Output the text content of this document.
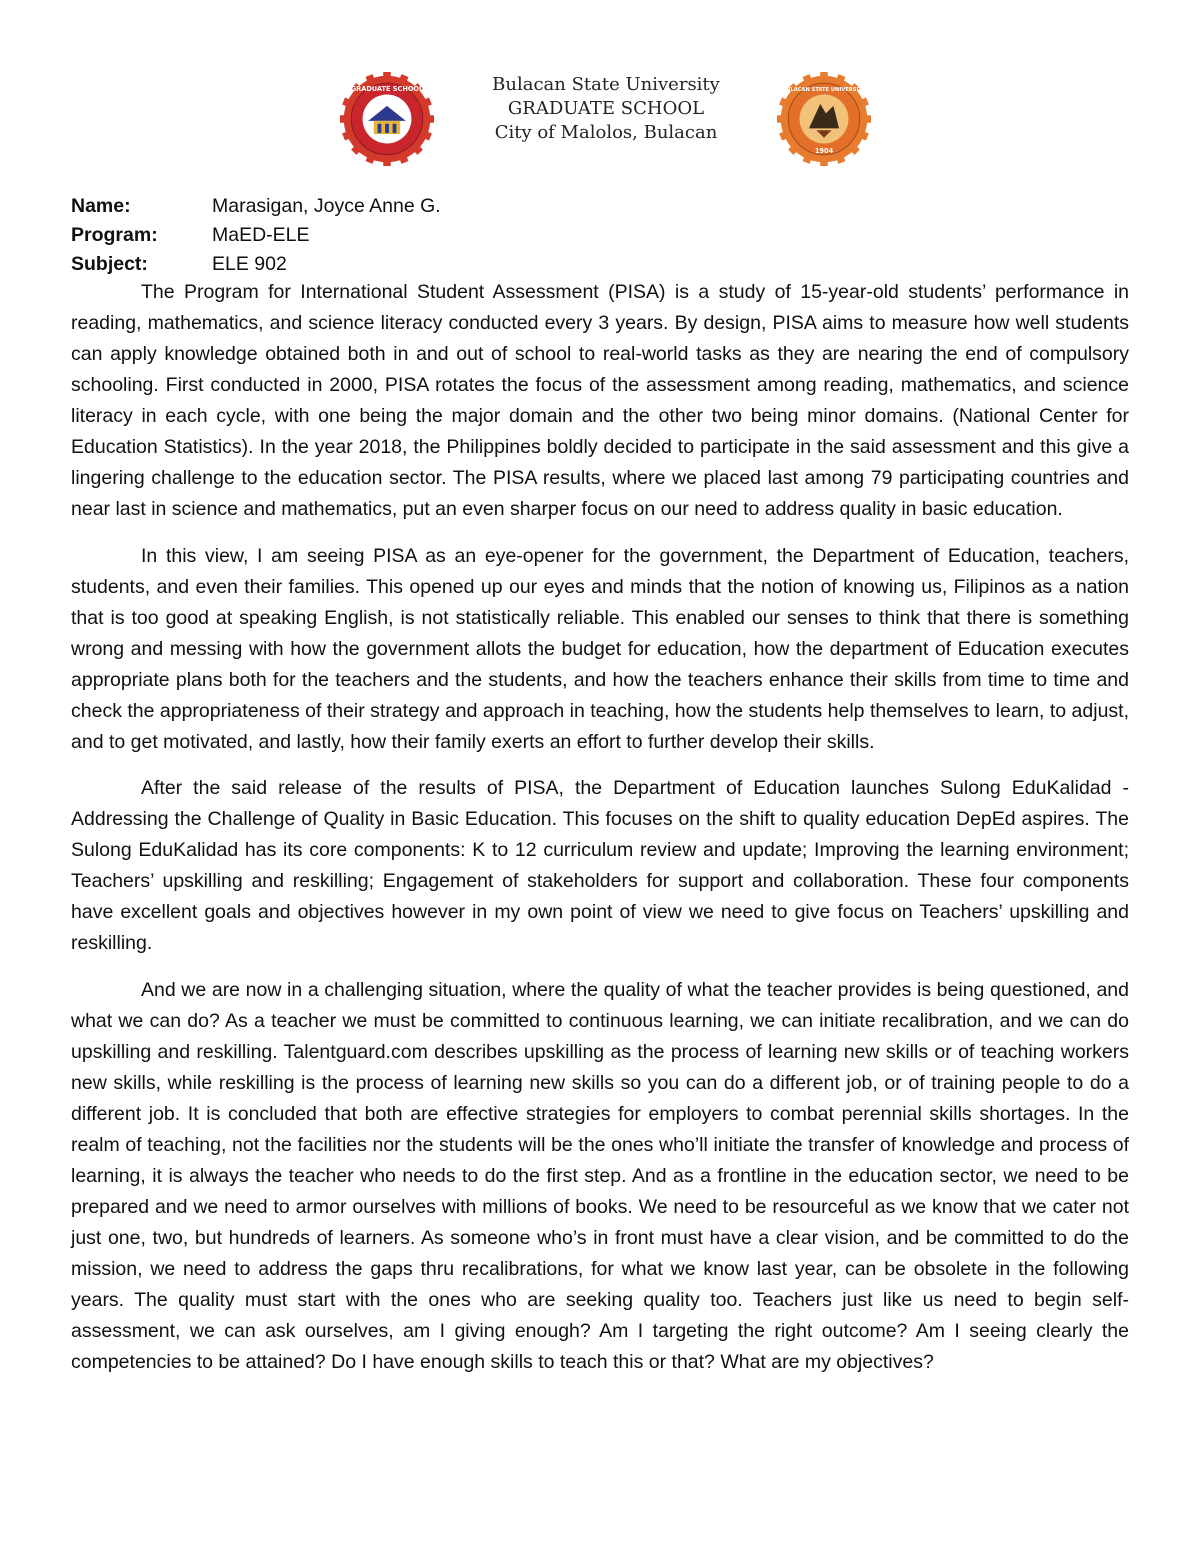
GRADUATE SCHOOL	Bulacan State University
GRADUATE SCHOOL
City of Malolos, Bulacan
BULACAN STATE UNIVERSITY
1904
Name:	Marasigan, Joyce Anne G.
Program:	MaED-ELE
Subject:	ELE 902

The Program for International Student Assessment (PISA) is a study of 15-year-old students’ performance in reading, mathematics, and science literacy conducted every 3 years. By design, PISA aims to measure how well students can apply knowledge obtained both in and out of school to real-world tasks as they are nearing the end of compulsory schooling. First conducted in 2000, PISA rotates the focus of the assessment among reading, mathematics, and science literacy in each cycle, with one being the major domain and the other two being minor domains. (National Center for Education Statistics). In the year 2018, the Philippines boldly decided to participate in the said assessment and this give a lingering challenge to the education sector. The PISA results, where we placed last among 79 participating countries and near last in science and mathematics, put an even sharper focus on our need to address quality in basic education.

In this view, I am seeing PISA as an eye-opener for the government, the Department of Education, teachers, students, and even their families. This opened up our eyes and minds that the notion of knowing us, Filipinos as a nation that is too good at speaking English, is not statistically reliable. This enabled our senses to think that there is something wrong and messing with how the government allots the budget for education, how the department of Education executes appropriate plans both for the teachers and the students, and how the teachers enhance their skills from time to time and check the appropriateness of their strategy and approach in teaching, how the students help themselves to learn, to adjust, and to get motivated, and lastly, how their family exerts an effort to further develop their skills.

After the said release of the results of PISA, the Department of Education launches Sulong EduKalidad - Addressing the Challenge of Quality in Basic Education. This focuses on the shift to quality education DepEd aspires. The Sulong EduKalidad has its core components: K to 12 curriculum review and update; Improving the learning environment; Teachers’ upskilling and reskilling; Engagement of stakeholders for support and collaboration. These four components have excellent goals and objectives however in my own point of view we need to give focus on Teachers’ upskilling and reskilling.

And we are now in a challenging situation, where the quality of what the teacher provides is being questioned, and what we can do? As a teacher we must be committed to continuous learning, we can initiate recalibration, and we can do upskilling and reskilling. Talentguard.com describes upskilling as the process of learning new skills or of teaching workers new skills, while reskilling is the process of learning new skills so you can do a different job, or of training people to do a different job. It is concluded that both are effective strategies for employers to combat perennial skills shortages. In the realm of teaching, not the facilities nor the students will be the ones who’ll initiate the transfer of knowledge and process of learning, it is always the teacher who needs to do the first step. And as a frontline in the education sector, we need to be prepared and we need to armor ourselves with millions of books. We need to be resourceful as we know that we cater not just one, two, but hundreds of learners. As someone who’s in front must have a clear vision, and be committed to do the mission, we need to address the gaps thru recalibrations, for what we know last year, can be obsolete in the following years. The quality must start with the ones who are seeking quality too. Teachers just like us need to begin self-assessment, we can ask ourselves, am I giving enough? Am I targeting the right outcome? Am I seeing clearly the competencies to be attained? Do I have enough skills to teach this or that? What are my objectives?
